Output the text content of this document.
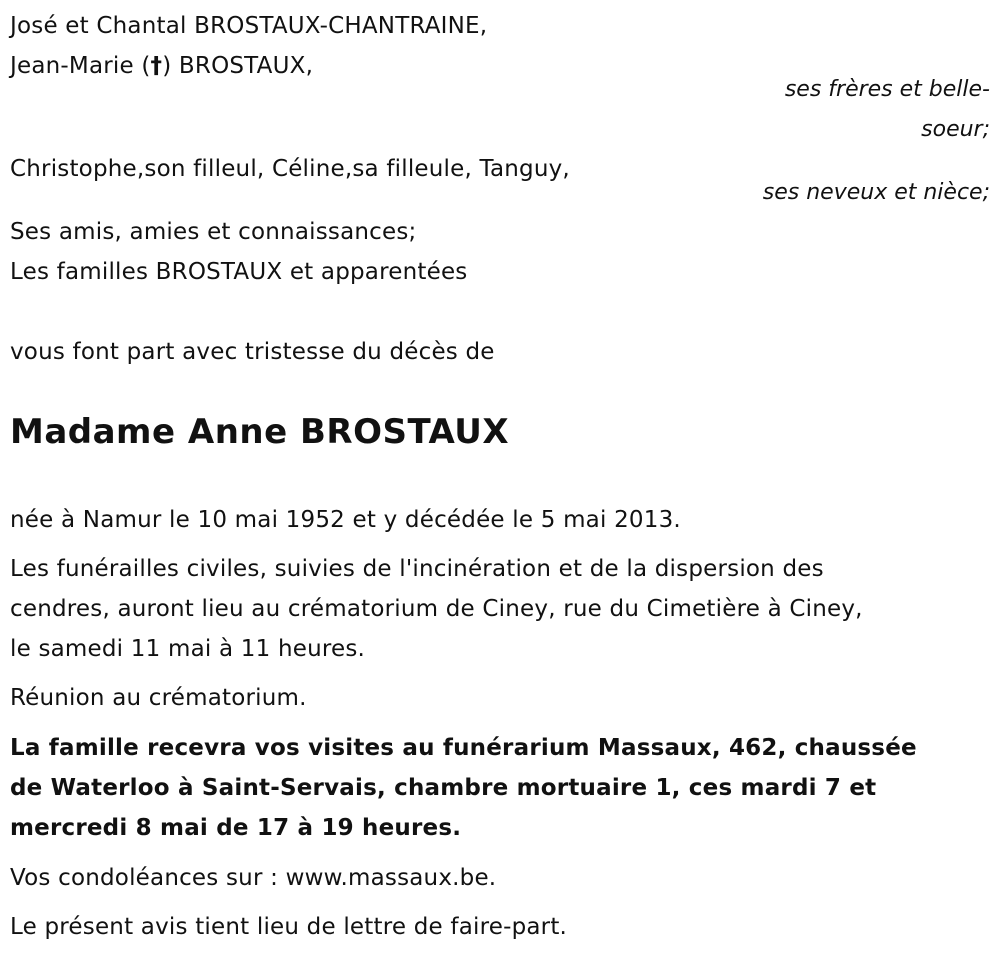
José et Chantal BROSTAUX-CHANTRAINE,
Jean-Marie (†) BROSTAUX,
ses frères et belle-
soeur;
Christophe,son filleul, Céline,sa filleule, Tanguy,
ses neveux et nièce;
Ses amis, amies et connaissances;
Les familles BROSTAUX et apparentées
vous font part avec tristesse du décès de
Madame Anne BROSTAUX
née à Namur le 10 mai 1952 et y décédée le 5 mai 2013.
Les funérailles civiles, suivies de l'incinération et de la dispersion des
cendres, auront lieu au crématorium de Ciney, rue du Cimetière à Ciney,
le samedi 11 mai à 11 heures.
Réunion au crématorium.
La famille recevra vos visites au funérarium Massaux, 462, chaussée
de Waterloo à Saint-Servais, chambre mortuaire 1, ces mardi 7 et
mercredi 8 mai de 17 à 19 heures.
Vos condoléances sur : www.massaux.be.
Le présent avis tient lieu de lettre de faire-part.
